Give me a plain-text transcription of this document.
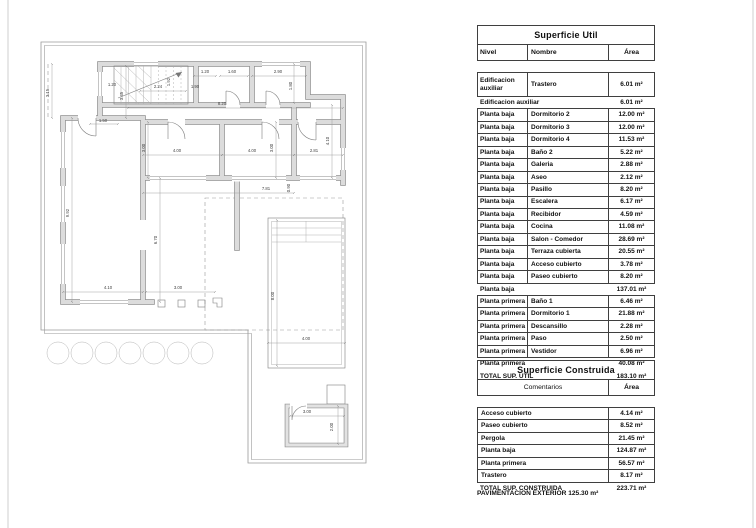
3.15
1.20
3.45
2.24
1.92
1.90
1.50
8.20
1.20	1.60	2.90
1.80
4.00
3.00	4.00	3.00	2.81
4.10
7.81	0.90
9.92
6.70
4.10	3.00
8.00
4.00
3.00
2.00
Superficie Util
Nivel	Nombre	Área
Edificacion auxiliar
Trastero	6.01 m²
Edificacion auxiliar	6.01 m²
Planta baja	Dormitorio 2	12.00 m²
Planta baja	Dormitorio 3	12.00 m²
Planta baja	Dormitorio 4	11.53 m²
Planta baja	Baño 2	5.22 m²
Planta baja	Galeria	2.88 m²
Planta baja	Aseo	2.12 m²
Planta baja	Pasillo	8.20 m²
Planta baja	Escalera	6.17 m²
Planta baja	Recibidor	4.59 m²
Planta baja	Cocina	11.08 m²
Planta baja	Salon - Comedor	28.69 m²
Planta baja	Terraza cubierta	20.55 m²
Planta baja	Acceso cubierto	3.78 m²
Planta baja	Paseo cubierto	8.20 m²
Planta baja	137.01 m²
Planta primera Baño 1	6.46 m²
Planta primera Dormitorio 1	21.88 m²
Planta primera Descansillo	2.28 m²
Planta primera Paso	2.50 m²
Planta primera Vestidor	6.96 m²
Planta primera	40.08 m²
TOTAL SUP. UTIL	183.10 m²
Superficie Construida
Comentarios	Área
Acceso cubierto	4.14 m²
Paseo cubierto	8.52 m²
Pergola	21.45 m²
Planta baja	124.87 m²
Planta primera	56.57 m²
Trastero	8.17 m²
TOTAL SUP. CONSTRUIDA	223.71 m²
PAVIMENTACION EXTERIOR 125.30 m²
